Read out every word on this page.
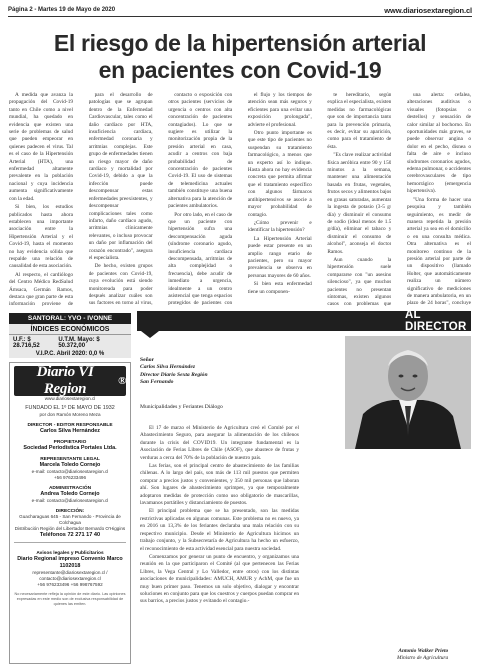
Página 2 - Martes 19 de Mayo de 2020	www.diariosextaregion.cl
El riesgo de la hipertensión arterial
en pacientes con Covid-19

A medida que avanza la propagación del Covid-19 tanto en Chile como a nivel mundial, ha quedado en evidencia que existen una serie de problemas de salud que pueden empeorar en quienes padecen el virus. Tal es el caso de la Hipertensión Arterial (HTA), una enfermedad altamente prevalente en la población nacional y cuya incidencia aumenta significativamente con la edad.

Si bien, los estudios publicados hasta ahora establecen una importante asociación entre la Hipertensión Arterial y el Covid-19, hasta el momento no hay evidencia sólida que respalde una relación de causalidad de esta asociación.

Al respecto, el cardiólogo del Centro Médico RedSalud Ámsaca, Germán Ramos, destaca que gran parte de esta información proviene de

para el desarrollo de patologías que se agrupan dentro de la Enfermedad Cardiovascular, tales como el daño cardíaco por HTA, insuficiencia cardíaca, enfermedad coronaria y arritmias complejas. Este grupo de enfermedades tienen un riesgo mayor de daño cardíaco y mortalidad por Covid-19, debido a que la infección puede descompensar estas enfermedades preexistentes, y descompensar complicaciones tales como infarto, daño cardíaco agudo, arritmias clínicamente relevantes, o incluso provocar un daño por inflamación del corazón encontrado", asegura el especialista.

De hecho, existen grupos de pacientes con Covid-19, cuya evolución está siendo monitoreada para poder después analizar cuáles son sus factores en torno al virus,

contacto o exposición con otros pacientes (servicios de urgencia o centros con alta concentración de pacientes contagiados). Lo que se sugiere es utilizar la monitorización propia de la presión arterial en casa, acudir a centros con baja probabilidad de concentración de pacientes Covid-19. El uso de sistemas de telemedicina actuales también constituye una buena alternativa para la atención de pacientes ambulatorios.

Por otro lado, en el caso de que un paciente con hipertensión sufra una descompensación aguda (síndrome coronario agudo, insuficiencia cardíaca descompensada, arritmias de alta complejidad o frecuencia), debe acudir de inmediato a urgencia, idealmente a un centro asistencial que tenga espacios protegidos de pacientes con

el flujo y los tiempos de atención sean más seguros y eficientes para una evitar una exposición prolongada", advierte el profesional.

Otro punto importante es que este tipo de pacientes no suspendan su tratamiento farmacológico, a menos que un experto así lo indique. Hasta ahora no hay evidencia concreta que permita afirmar que el tratamiento específico con algunos fármacos antihipertensivos se asocie a mayor probabilidad de contagio.

¿Cómo prevenir e identificar la hipertensión?

La Hipertensión Arterial puede estar presente en un amplio rango etario de pacientes, pero su mayor prevalencia se observa en personas mayores de 60 años.

Si bien esta enfermedad tiene un componen-

te hereditario, según explica el especialista, existen medidas no farmacológicas que son de importancia tanto para la prevención primaria, es decir, evitar su aparición, como para el tratamiento de ésta.

"Es clave realizar actividad física aeróbica entre 90 y 150 minutos a la semana, mantener una alimentación basada en frutas, vegetales, frutos secos y alimentos bajos en grasas saturadas, aumentar la ingesta de potasio (3-5 g/ día) y disminuir el consumo de sodio (ideal menos de 1.5 g/día), eliminar el tabaco y disminuir el consumo de alcohol", aconseja el doctor Ramos.

Aun cuando la hipertensión suele compararse con "un asesino silencioso", ya que muchos pacientes no presentan síntomas, existen algunos casos con problemas que

una alerta: cefalea, alteraciones auditivas o visuales (fotopsias o destellos) y sensación de calor similar al bochorno. En oportunidades más graves, se puede observar angina o dolor en el pecho, disnea o falta de aire e incluso síndromes coronarios agudos, edema pulmonar, o accidentes cerebrovasculares de tipo hemorrágico (emergencia hipertensiva).

"Una forma de hacer una pesquisa y también seguimiento, es medir de manera repetida la presión arterial ya sea en el domicilio o en una consulta médica. Otra alternativa es el monitoreo continuo de la presión arterial por parte de un dispositivo (llamado Holter, que automáticamente realiza un número significativo de mediciones de manera ambulatoria, en un plazo de 24 horas", concluye

SANTORAL: YVO - IVONNE
ÍNDICES ECONÓMICOS
U.F.: $ 28.716,52
U.T.M. Mayo: $ 50.372,00
V.I.P.C. Abril 2020: 0,0 %
Diario VI Region	®
www.diariosextaregion.cl
FUNDADO EL 1º DE MAYO DE 1932
por don Ramón Moreno Meza
DIRECTOR - EDITOR RESPONSABLE
Carlos Silva Hernández
PROPIETARIO
Sociedad Periodística Portales Ltda.
REPRESENTANTE LEGAL
Marcela Toledo Cornejo
e-mail: contacto@diariosextaregion.cl
+56 976233496
ADMINISTRACIÓN
Andrea Toledo Cornejo
e-mail: contacto@diariosextaregion.cl
DIRECCIÓN:
Guacharaguas 645 - San Fernando - Provincia de Colchagua
Distribución Región del Libertador Bernardo O'Higgins
Teléfonos 72 271 17 40
Avisos legales y Publicitarios
Diario Regional impreso Convenio Marco 1102018
representante@diariosextaregion.cl / contacto@diariosextaregion.cl
+56 976233496 +56 998767592
No necesariamente refleja la opinión de este diario. Las opiniones expresadas en este medio son de exclusiva responsabilidad de quienes las emiten.
AL DIRECTOR
Señor
Carlos Silva Hernández
Director Diario Sexta Región
San Fernando
Municipalidades y Feriantes Diálogo

El 17 de marzo el Ministerio de Agricultura creó el Comité por el Abastecimiento Seguro, para asegurar la alimentación de los chilenos durante la crisis del COVID19. Un integrante fundamental es la Asociación de Ferias Libres de Chile (ASOF), que abastece de frutas y verduras a cerca del 70% de la población de nuestro país.

Las ferias, son el principal centro de abastecimiento de las familias chilenas. A lo largo del país, son más de 113 mil puestos que permiten comprar a precios justos y convenientes, y 350 mil personas que laboran ahí. Son lugares de abastecimiento sprimpes, ya que temporalmente adoptaron medidas de protección como uso obligatorio de mascarillas, lavamanos portátiles y distanciamiento de puestos.

El principal problema que se ha presentado, son las medidas restrictivas aplicadas en algunas comunas. Este problema no es nuevo, ya en 2016 un 13,3% de los feriantes declaraba una mala relación con su respectivo municipio. Desde el Ministerio de Agricultura hicimos un trabajo conjunto, y la Subsecretaría de Agricultura ha hecho un esfuerzo, el reconocimiento de esta actividad esencial para nuestra sociedad.

Comenzamos por generar un punto de encuentro, y organizamos una reunión en la que participaron el Comité (al que pertenecen las Ferias Libres, la Vega Central y Lo Valledor, entre otros) con los distintas asociaciones de municipalidades: AMUCH, AMUR y AchM, que fue un muy buen primer paso. Tenemos un solo objetivo, dialogar y encontrar soluciones en conjunto para que los cuestros y cuerpos puedan comprar en sus barrios, a precios justos y evitando el contagio.-

Antonio Walker Prieto
Ministro de Agricultura
